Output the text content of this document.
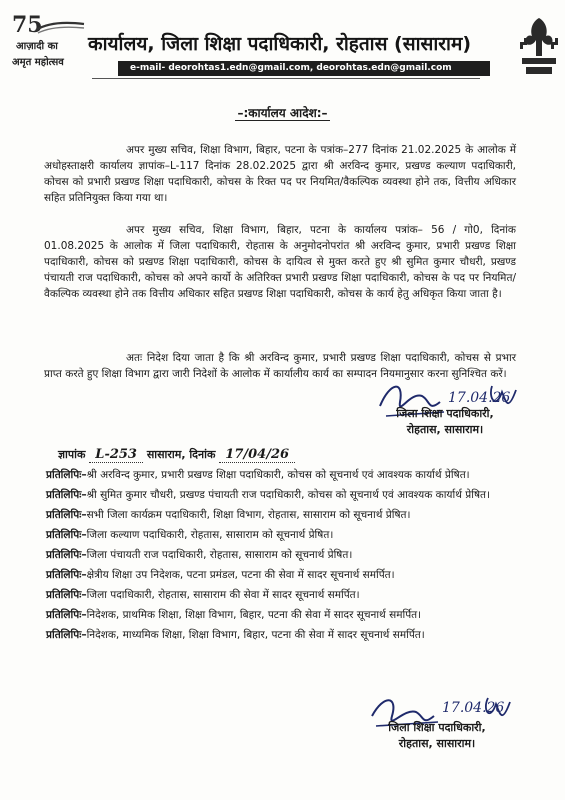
75
आज़ादी का
अमृत महोत्सव
कार्यालय, जिला शिक्षा पदाधिकारी, रोहतास (सासाराम)
e-mail- deorohtas1.edn@gmail.com, deorohtas.edn@gmail.com
–:कार्यालय आदेश:–

अपर मुख्य सचिव, शिक्षा विभाग, बिहार, पटना के पत्रांक–277 दिनांक 21.02.2025 के आलोक में अधोहस्ताक्षरी कार्यालय ज्ञापांक–L-117 दिनांक 28.02.2025 द्वारा श्री अरविन्द कुमार, प्रखण्ड कल्याण पदाधिकारी, कोचस को प्रभारी प्रखण्ड शिक्षा पदाधिकारी, कोचस के रिक्त पद पर नियमित/वैकल्पिक व्यवस्था होने तक, वित्तीय अधिकार सहित प्रतिनियुक्त किया गया था।

अपर मुख्य सचिव, शिक्षा विभाग, बिहार, पटना के कार्यालय पत्रांक– 56 / गो0, दिनांक 01.08.2025 के आलोक में जिला पदाधिकारी, रोहतास के अनुमोदनोपरांत श्री अरविन्द कुमार, प्रभारी प्रखण्ड शिक्षा पदाधिकारी, कोचस को प्रखण्ड शिक्षा पदाधिकारी, कोचस के दायित्व से मुक्त करते हुए श्री सुमित कुमार चौधरी, प्रखण्ड पंचायती राज पदाधिकारी, कोचस को अपने कार्यो के अतिरिक्त प्रभारी प्रखण्ड शिक्षा पदाधिकारी, कोचस के पद पर नियमित/वैकल्पिक व्यवस्था होने तक वित्तीय अधिकार सहित प्रखण्ड शिक्षा पदाधिकारी, कोचस के कार्य हेतु अधिकृत किया जाता है।

अतः निदेश दिया जाता है कि श्री अरविन्द कुमार, प्रभारी प्रखण्ड शिक्षा पदाधिकारी, कोचस से प्रभार प्राप्त करते हुए शिक्षा विभाग द्वारा जारी निदेशों के आलोक में कार्यालीय कार्य का सम्पादन नियमानुसार करना सुनिश्चित करें।

17.04.26
जिला शिक्षा पदाधिकारी,
रोहतास, सासाराम।
ज्ञापांक L-253 सासाराम, दिनांक 17/04/26
प्रतिलिपिः–श्री अरविन्द कुमार, प्रभारी प्रखण्ड शिक्षा पदाधिकारी, कोचस को सूचनार्थ एवं आवश्यक कार्यार्थ प्रेषित।
प्रतिलिपिः–श्री सुमित कुमार चौधरी, प्रखण्ड पंचायती राज पदाधिकारी, कोचस को सूचनार्थ एवं आवश्यक कार्यार्थ प्रेषित।
प्रतिलिपिः–सभी जिला कार्यक्रम पदाधिकारी, शिक्षा विभाग, रोहतास, सासाराम को सूचनार्थ प्रेषित।
प्रतिलिपिः–जिला कल्याण पदाधिकारी, रोहतास, सासाराम को सूचनार्थ प्रेषित।
प्रतिलिपिः–जिला पंचायती राज पदाधिकारी, रोहतास, सासाराम को सूचनार्थ प्रेषित।
प्रतिलिपिः–क्षेत्रीय शिक्षा उप निदेशक, पटना प्रमंडल, पटना की सेवा में सादर सूचनार्थ समर्पित।
प्रतिलिपिः–जिला पदाधिकारी, रोहतास, सासाराम की सेवा में सादर सूचनार्थ समर्पित।
प्रतिलिपिः–निदेशक, प्राथमिक शिक्षा, शिक्षा विभाग, बिहार, पटना की सेवा में सादर सूचनार्थ समर्पित।
प्रतिलिपिः–निदेशक, माध्यमिक शिक्षा, शिक्षा विभाग, बिहार, पटना की सेवा में सादर सूचनार्थ समर्पित।
17.04.26
जिला शिक्षा पदाधिकारी,
रोहतास, सासाराम।
